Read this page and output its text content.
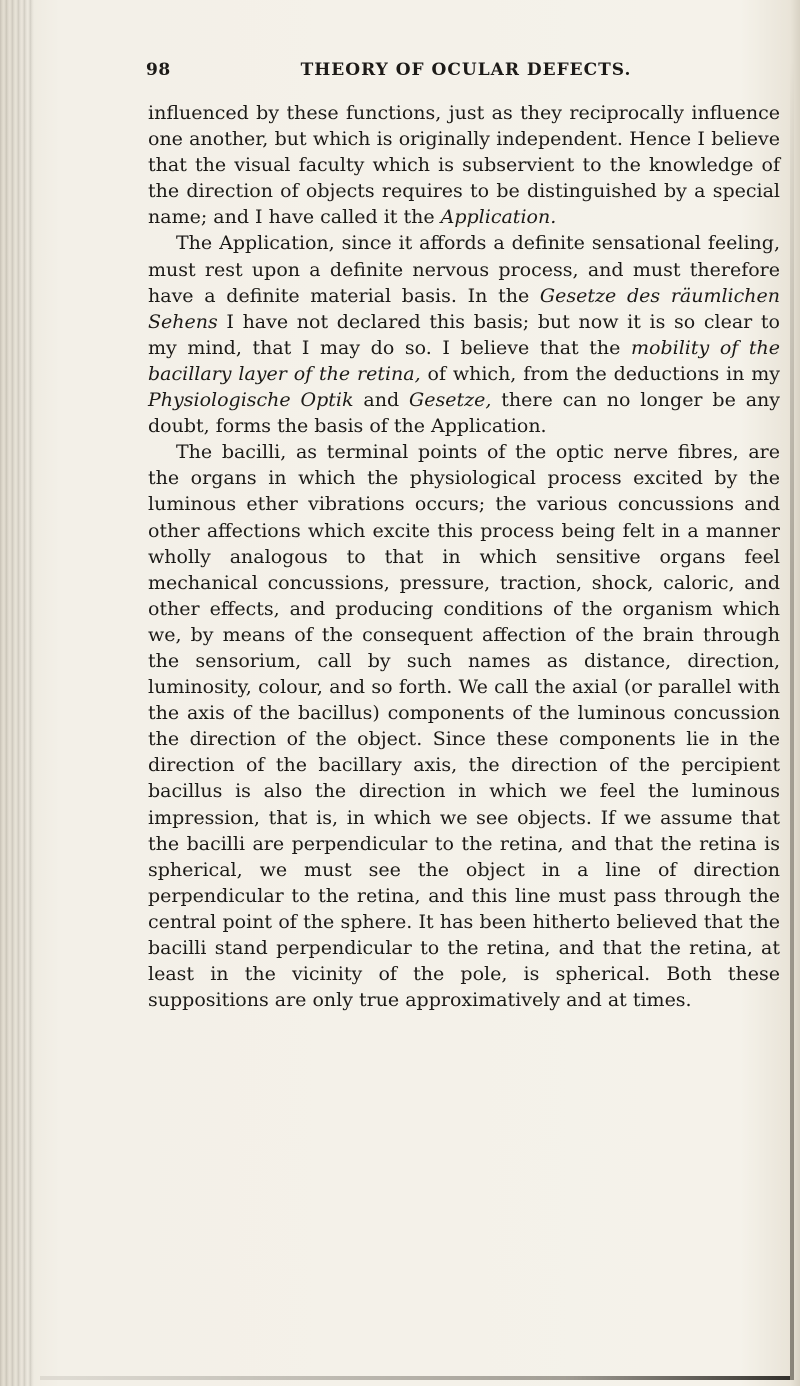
98	THEORY OF OCULAR DEFECTS.

influenced by these functions, just as they reciprocally influence one another, but which is originally independent. Hence I believe that the visual faculty which is subservient to the knowledge of the direction of objects requires to be distinguished by a special name; and I have called it the Application.

The Application, since it affords a definite sensational feeling, must rest upon a definite nervous process, and must therefore have a definite material basis. In the Gesetze des räumlichen Sehens I have not declared this basis; but now it is so clear to my mind, that I may do so. I believe that the mobility of the bacillary layer of the retina, of which, from the deductions in my Physiologische Optik and Gesetze, there can no longer be any doubt, forms the basis of the Application.

The bacilli, as terminal points of the optic nerve fibres, are the organs in which the physiological process excited by the luminous ether vibrations occurs; the various concussions and other affections which excite this process being felt in a manner wholly analogous to that in which sensitive organs feel mechanical concussions, pressure, traction, shock, caloric, and other effects, and producing conditions of the organism which we, by means of the consequent affection of the brain through the sensorium, call by such names as distance, direction, luminosity, colour, and so forth. We call the axial (or parallel with the axis of the bacillus) components of the luminous concussion the direction of the object. Since these components lie in the direction of the bacillary axis, the direction of the percipient bacillus is also the direction in which we feel the luminous impression, that is, in which we see objects. If we assume that the bacilli are perpendicular to the retina, and that the retina is spherical, we must see the object in a line of direction perpendicular to the retina, and this line must pass through the central point of the sphere. It has been hitherto believed that the bacilli stand perpendicular to the retina, and that the retina, at least in the vicinity of the pole, is spherical. Both these suppositions are only true approximatively and at times.
